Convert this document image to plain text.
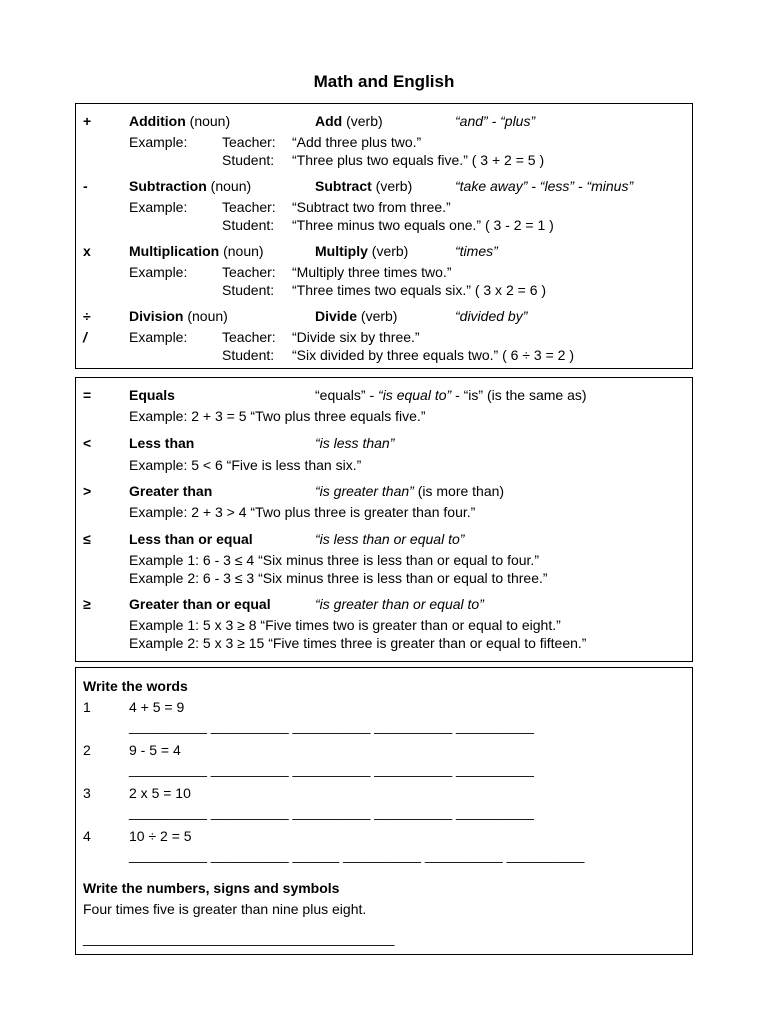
Math and English
+	Addition (noun)	Add (verb)	“and” - “plus”
Example: Teacher: “Add three plus two.”
Student: “Three plus two equals five.” ( 3 + 2 = 5 )
-	Subtraction (noun)	Subtract (verb)	“take away” - “less” - “minus”
Example: Teacher: “Subtract two from three.”
Student: “Three minus two equals one.” ( 3 - 2 = 1 )
x	Multiplication (noun)	Multiply (verb)	“times”
Example: Teacher: “Multiply three times two.”
Student: “Three times two equals six.” ( 3 x 2 = 6 )
÷	Division (noun)	Divide (verb)	“divided by”
/	Example: Teacher: “Divide six by three.”
Student: “Six divided by three equals two.” ( 6 ÷ 3 = 2 )
=	Equals	“equals” - “is equal to” - “is” (is the same as)
Example: 2 + 3 = 5 “Two plus three equals five.”
<	Less than	“is less than”
Example: 5 < 6 “Five is less than six.”
>	Greater than	“is greater than” (is more than)
Example: 2 + 3 > 4 “Two plus three is greater than four.”
≤	Less than or equal	“is less than or equal to”
Example 1: 6 - 3 ≤ 4 “Six minus three is less than or equal to four.”
Example 2: 6 - 3 ≤ 3 “Six minus three is less than or equal to three.”
≥	Greater than or equal	“is greater than or equal to”
Example 1: 5 x 3 ≥ 8 “Five times two is greater than or equal to eight.”
Example 2: 5 x 3 ≥ 15 “Five times three is greater than or equal to fifteen.”
Write the words
1	4 + 5 = 9
__________ __________ __________ __________ __________
2	9 - 5 = 4
__________ __________ __________ __________ __________
3	2 x 5 = 10
__________ __________ __________ __________ __________
4	10 ÷ 2 = 5
__________ __________ ______ __________ __________ __________
Write the numbers, signs and symbols
Four times five is greater than nine plus eight.
________________________________________
